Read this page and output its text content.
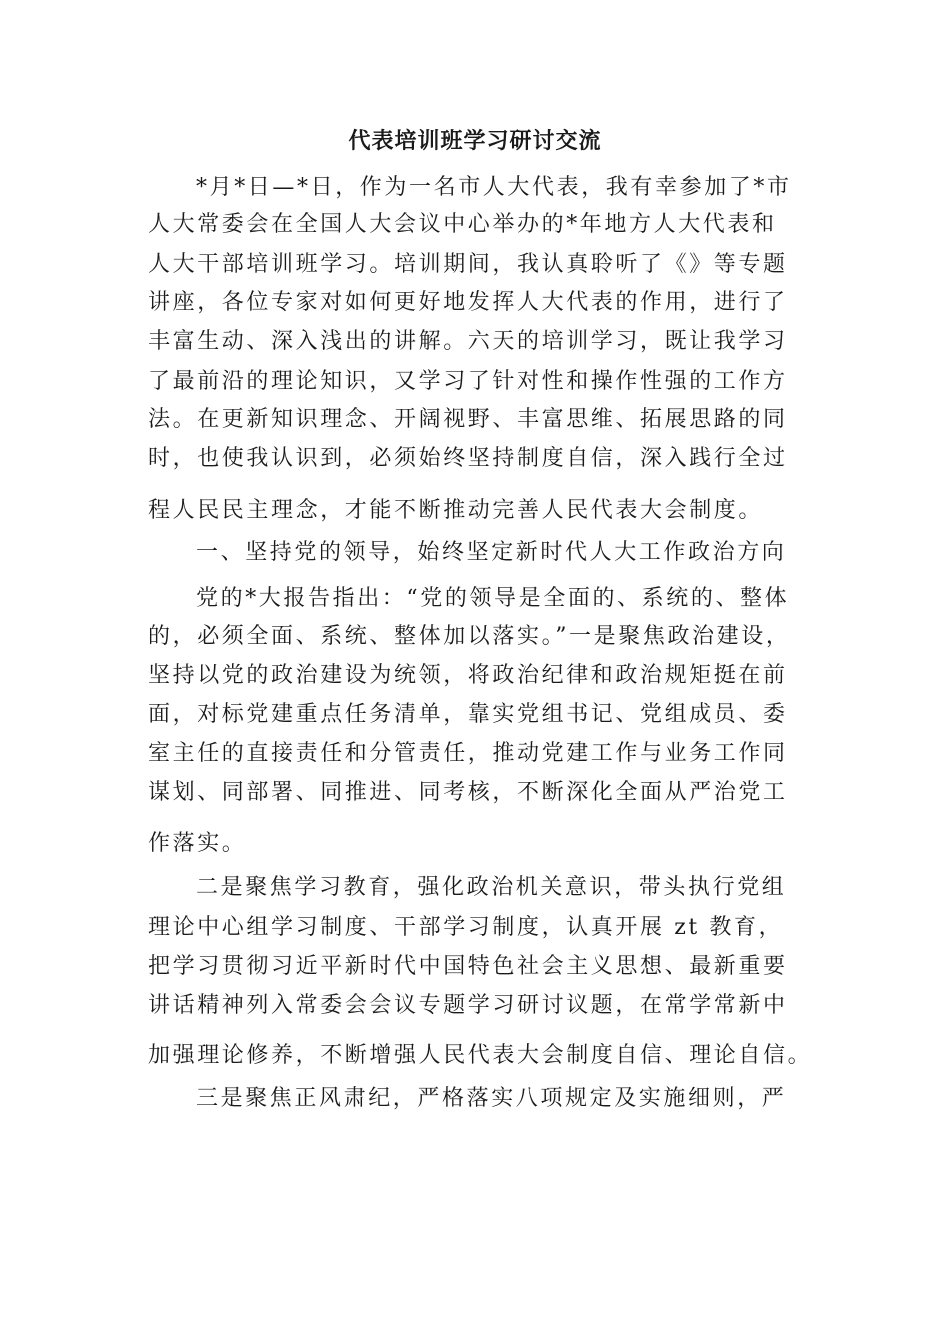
代表培训班学习研讨交流
*月*日—*日，作为一名市人大代表，我有幸参加了*市
人大常委会在全国人大会议中心举办的*年地方人大代表和
人大干部培训班学习。培训期间，我认真聆听了《》等专题
讲座，各位专家对如何更好地发挥人大代表的作用，进行了
丰富生动、深入浅出的讲解。六天的培训学习，既让我学习
了最前沿的理论知识，又学习了针对性和操作性强的工作方
法。在更新知识理念、开阔视野、丰富思维、拓展思路的同
时，也使我认识到，必须始终坚持制度自信，深入践行全过
程人民民主理念，才能不断推动完善人民代表大会制度。
一、坚持党的领导，始终坚定新时代人大工作政治方向
党的*大报告指出：“党的领导是全面的、系统的、整体
的，必须全面、系统、整体加以落实。”一是聚焦政治建设，
坚持以党的政治建设为统领，将政治纪律和政治规矩挺在前
面，对标党建重点任务清单，靠实党组书记、党组成员、委
室主任的直接责任和分管责任，推动党建工作与业务工作同
谋划、同部署、同推进、同考核，不断深化全面从严治党工
作落实。
二是聚焦学习教育，强化政治机关意识，带头执行党组
理论中心组学习制度、干部学习制度，认真开展 zt 教育，
把学习贯彻习近平新时代中国特色社会主义思想、最新重要
讲话精神列入常委会会议专题学习研讨议题，在常学常新中
加强理论修养，不断增强人民代表大会制度自信、理论自信。
三是聚焦正风肃纪，严格落实八项规定及实施细则，严
